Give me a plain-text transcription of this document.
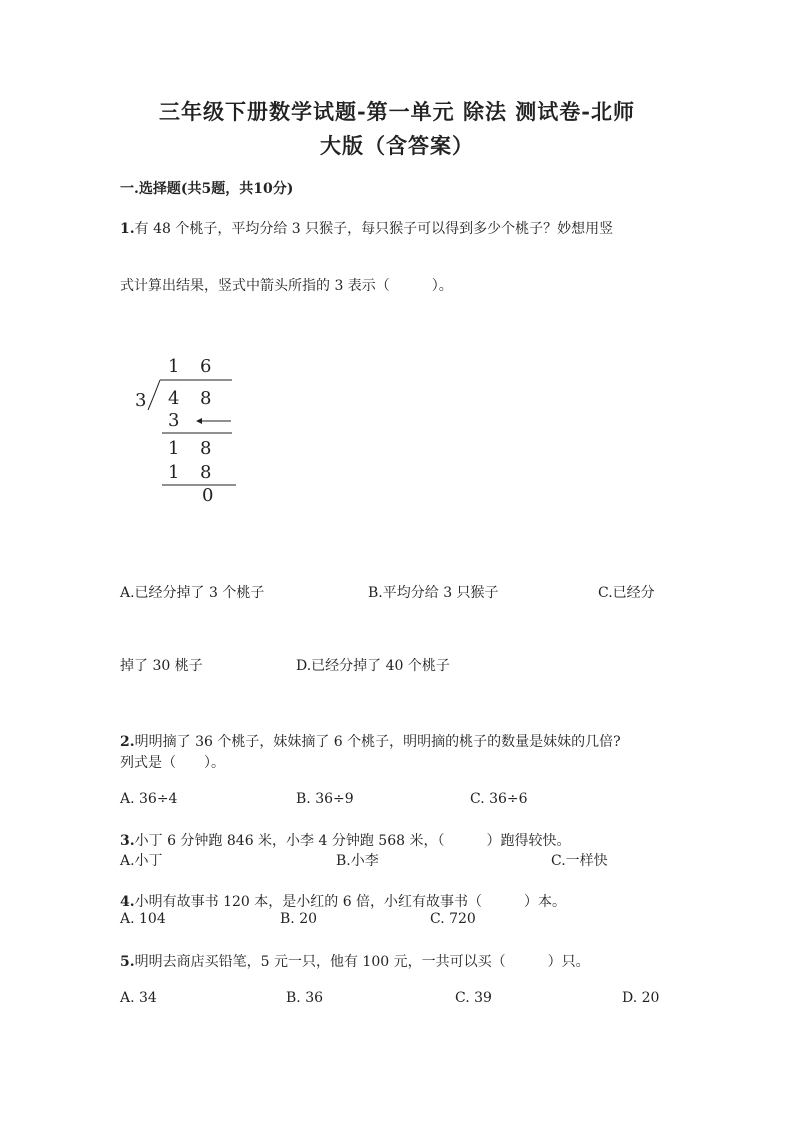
三年级下册数学试题-第一单元 除法 测试卷-北师
大版（含答案）
一.选择题(共5题，共10分)
1.有 48 个桃子，平均分给 3 只猴子，每只猴子可以得到多少个桃子？妙想用竖
式计算出结果，竖式中箭头所指的 3 表示（　　　）。
1 6
3 4 8
3
1 8
1 8
0
A.已经分掉了 3 个桃子	B.平均分给 3 只猴子	C.已经分
掉了 30 桃子	D.已经分掉了 40 个桃子
2.明明摘了 36 个桃子，妹妹摘了 6 个桃子，明明摘的桃子的数量是妹妹的几倍?
列式是（　　）。
A. 36÷4	B. 36÷9	C. 36÷6
3.小丁 6 分钟跑 846 米，小李 4 分钟跑 568 米，（　　　）跑得较快。
A.小丁	B.小李	C.一样快
4.小明有故事书 120 本，是小红的 6 倍，小红有故事书（　　　）本。
A. 104	B. 20	C. 720
5.明明去商店买铅笔，5 元一只，他有 100 元，一共可以买（　　　）只。
A. 34	B. 36	C. 39	D. 20
